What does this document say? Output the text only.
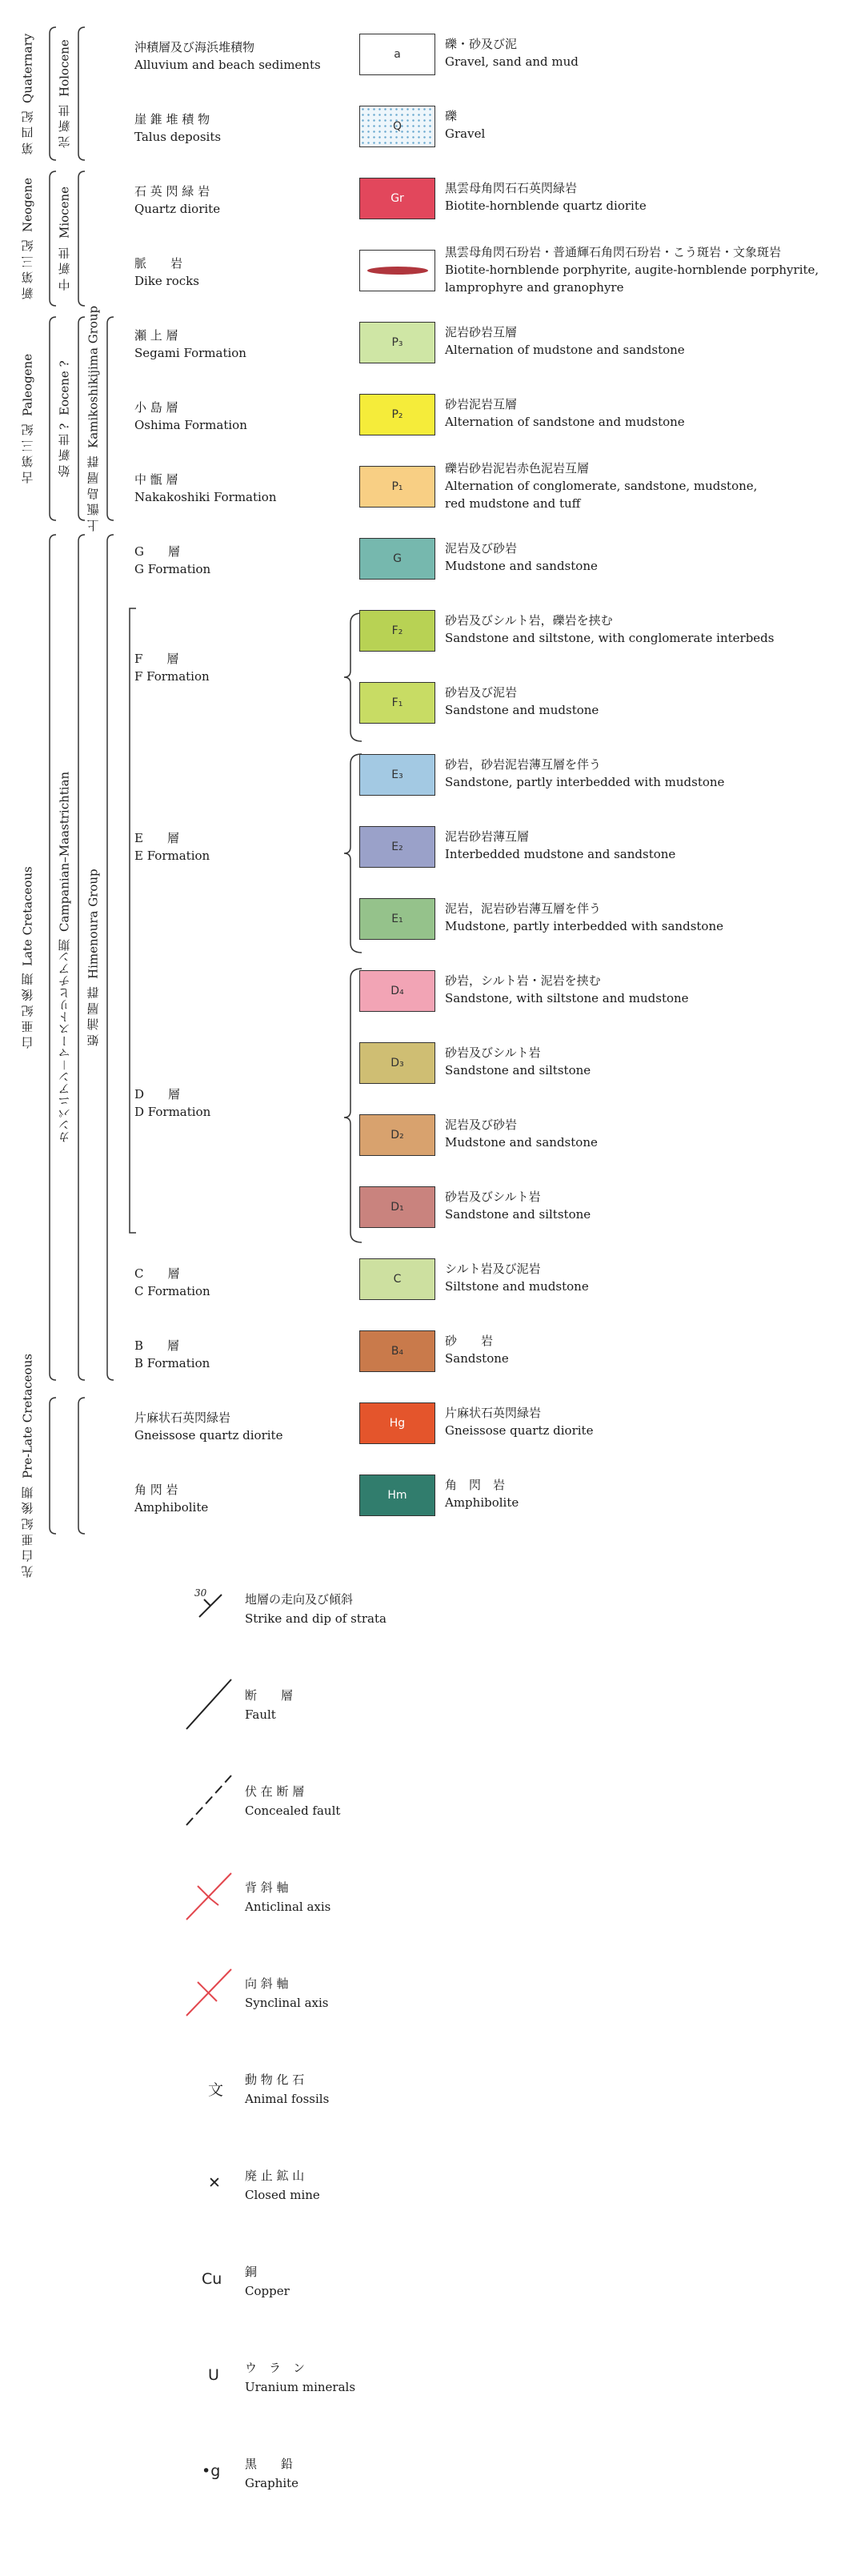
第 四 紀

Quaternary
完 新 世

Holocene
新 第 三 紀

Neogene
中 新 世

Miocene
古 第 三 紀

Paleogene
始 新 世 ?

Eocene ?
上 甑 島 層 群

Kamikoshikijima Group
白 亜 紀 後 期

Late Cretaceous
カンパニアン－マーストリヒチアン期

Campanian–Maastrichtian
姫 浦 層 群

Himenoura Group
先 白 亜 紀 後 期

Pre-Late Cretaceous
沖積層及び海浜堆積物
Alluvium and beach sediments
崖 錐 堆 積 物
Talus deposits
石 英 閃 緑 岩
Quartz diorite
脈　　岩
Dike rocks
瀬 上 層
Segami Formation
小 島 層
Oshima Formation
中 甑 層
Nakakoshiki Formation
G　　層
G Formation
F　　層
F Formation
E　　層
E Formation
D　　層
D Formation
C　　層
C Formation
B　　層
B Formation
片麻状石英閃緑岩
Gneissose quartz diorite
角 閃 岩
Amphibolite
a
礫・砂及び泥
Gravel, sand and mud
Q
礫
Gravel
Gr
黒雲母角閃石石英閃緑岩
Biotite-hornblende quartz diorite
黒雲母角閃石玢岩・普通輝石角閃石玢岩・こう斑岩・文象斑岩
Biotite-hornblende porphyrite, augite-hornblende porphyrite,
lamprophyre and granophyre
P₃
泥岩砂岩互層
Alternation of mudstone and sandstone
P₂
砂岩泥岩互層
Alternation of sandstone and mudstone
P₁
礫岩砂岩泥岩赤色泥岩互層
Alternation of conglomerate, sandstone, mudstone,
red mudstone and tuff
G
泥岩及び砂岩
Mudstone and sandstone
F₂
砂岩及びシルト岩，礫岩を挟む
Sandstone and siltstone, with conglomerate interbeds
F₁
砂岩及び泥岩
Sandstone and mudstone
E₃
砂岩，砂岩泥岩薄互層を伴う
Sandstone, partly interbedded with mudstone
E₂
泥岩砂岩薄互層
Interbedded mudstone and sandstone
E₁
泥岩，泥岩砂岩薄互層を伴う
Mudstone, partly interbedded with sandstone
D₄
砂岩，シルト岩・泥岩を挟む
Sandstone, with siltstone and mudstone
D₃
砂岩及びシルト岩
Sandstone and siltstone
D₂
泥岩及び砂岩
Mudstone and sandstone
D₁
砂岩及びシルト岩
Sandstone and siltstone
C
シルト岩及び泥岩
Siltstone and mudstone
B₄
砂　　岩
Sandstone
Hg
片麻状石英閃緑岩
Gneissose quartz diorite
Hm
角　閃　岩
Amphibolite
30	地層の走向及び傾斜
Strike and dip of strata
断　　層
Fault
伏 在 断 層
Concealed fault
背 斜 軸
Anticlinal axis
向 斜 軸
Synclinal axis
文
動 物 化 石
Animal fossils
✕ 廃 止 鉱 山
Closed mine
Cu 銅
Copper
U ウ　ラ　ン
Uranium minerals
•g 黒　　鉛
Graphite
